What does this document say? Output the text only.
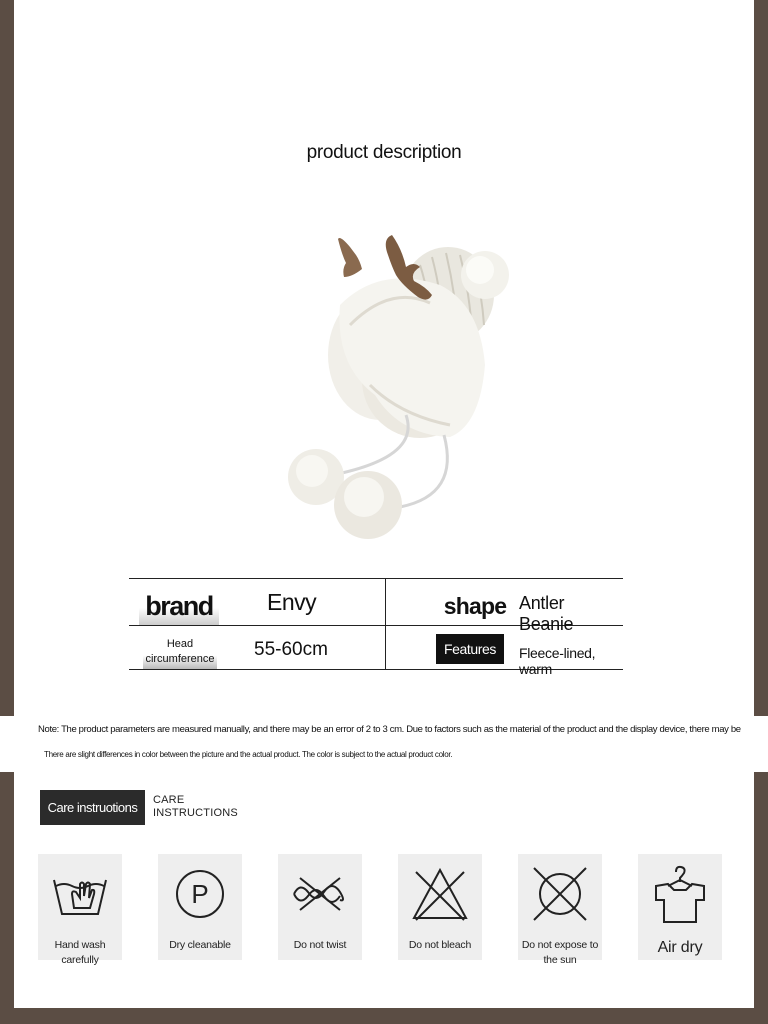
product description
brand Envy	shape Antler Beanie
Head
circumference 55-60cm	Features	Fleece-lined, warm
Note: The product parameters are measured manually, and there may be an error of 2 to 3 cm. Due to factors such as the material of the product and the display device, there may be
There are slight differences in color between the picture and the actual product. The color is subject to the actual product color.
Care instruotions	CARE
INSTRUCTIONS
Hand wash carefully
P
Dry cleanable	Do not twist	Do not bleach	Do not expose to the sun
Air dry
